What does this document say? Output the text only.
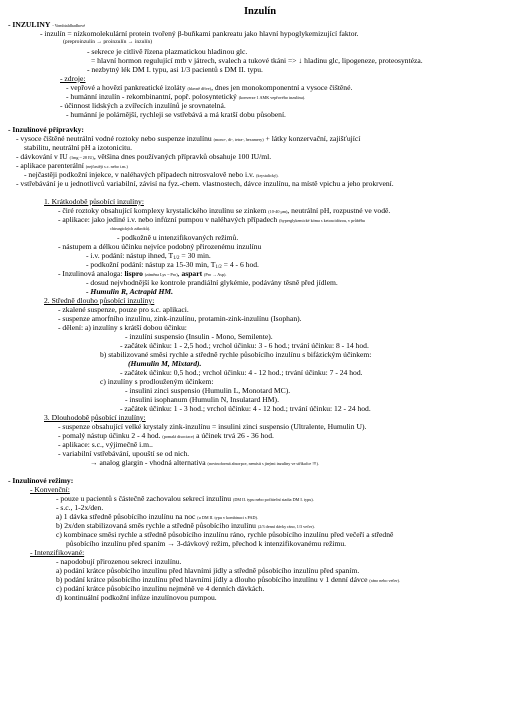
Inzulín
- INZULINY - Vombialdhadhové
- inzulín = nízkomolekulární protein tvořený β-buňkami pankreatu jako hlavní hypoglykemizující faktor.
(preproinzulín → proinzulín → inzulín)
- sekrece je citlivě řízena plazmatickou hladinou glc.
= hlavní hormon regulující mtb v játrech, svalech a tukové tkáni => ↓ hladinu glc, lipogeneze, proteosyntéza.
- nezbytný lék DM I. typu, asi 1/3 pacientů s DM II. typu.
- zdroje:
- vepřové a hovězí pankreatické izoláty (hlavně dříve), dnes jen monokomponentní a vysoce čištěné.
- humánní inzulín - rekombinantní, popř. polosyntetický (konverze 1 AMK vepřového inzulínu).
- účinnost lidských a zvířecích inzulínů je srovnatelná.
- humánní je polárnější, rychleji se vstřebává a má kratší dobu působení.
- Inzulínové přípravky:
- vysoce čištěné neutrální vodné roztoky nebo suspenze inzulínu (mono-, di-, tetra-, hexamery) + látky konzervační, zajišťující
stabilitu, neutrální pH a izotonicitu.
- dávkování v IU (1mg ~ 28 IU), většina dnes používaných přípravků obsahuje 100 IU/ml.
- aplikace parenterální (nejčastěji s.c. nebo i.m.)
- nejčastěji podkožní injekce, v naléhavých případech nitrosvalově nebo i.v. (krystalický).
- vstřebávání je u jednotlivců variabilní, závisí na fyz.-chem. vlastnostech, dávce inzulínu, na místě vpichu a jeho prokrvení.
1. Krátkodobě působící inzulíny:
- čiré roztoky obsahující komplexy krystalického inzulínu se zinkem (10-40 μm), neutrální pH, rozpustné ve vodě.
- aplikace: jako jediné i.v. nebo infúzní pumpou v naléhavých případech (hyperglykemické kóma s ketoacidózou, v průběhu
chirurgických zákroků).
- podkožně u intenzifikovaných režimů.
- nástupem a délkou účinku nejvíce podobný přirozenému inzulínu
- i.v. podání: nástup ihned, $T_{1/2} = 30$ min.
- podkožní podání: nástup za 15-30 min, $T_{1/2} = 4 - 6$ hod.
- Inzulinová analoga: lispro (záměna Lys ~ Pro), aspart (Pro → Asp).
- dosud nejvhodnější ke kontrole prandiální glykémie, podávány těsně před jídlem.
- Humulin R, Actrapid HM.
2. Středně dlouho působící inzulíny:
- zkalené suspenze, pouze pro s.c. aplikaci.
- suspenze amorfního inzulínu, zink-inzulínu, protamin-zink-inzulínu (Isophan).
- dělení: a) inzulíny s krátší dobou účinku:
- inzulíni suspensio (Insulin - Mono, Semilente).
- začátek účinku: 1 - 2,5 hod.; vrchol účinku: 3 - 6 hod.; trvání účinku: 8 - 14 hod.
b) stabilizované směsi rychle a středně rychle působícího inzulínu s bifázickým účinkem:
(Humulin M, Mixtard).
- začátek účinku: 0,5 hod.; vrchol účinku: 4 - 12 hod.; trvání účinku: 7 - 24 hod.
c) inzulíny s prodlouženým účinkem:
- insulini zinci suspensio (Humulin L, Monotard MC).
- insulini isophanum (Humulin N, Insulatard HM).
- začátek účinku: 1 - 3 hod.; vrchol účinku: 4 - 12 hod.; trvání účinku: 12 - 24 hod.
3. Dlouhodobě působící inzulíny:
- suspenze obsahující velké krystaly zink-inzulínu = insulini zinci suspensio (Ultralente, Humulin U).
- pomalý nástup účinku 2 - 4 hod. (pomalá disociace) a účinek trvá 26 - 36 hod.
- aplikace: s.c., výjimečně i.m..
- variabilní vstřebávání, upouští se od nich.
→ analog glargin - vhodná alternativa (novinoformá absorpce, nemísit s jinými inzulíny ve stříkačce !!!).
- Inzulínové režimy:
- Konvenční:
- pouze u pacientů s částečně zachovalou sekrecí inzulínu (DM II. typu nebo počáteční stadia DM I. typu).
- s.c., 1-2x/den.
a) 1 dávka středně působícího inzulínu na noc (u DM II. typu v kombinaci s PAD).
b) 2x/den stabilizovaná směs rychle a středně působícího inzulínu (2/3 denní dávky ráno, 1/3 večer).
c) kombinace směsi rychle a středně působícího inzulínu ráno, rychle působícího inzulínu před večeří a středně
působícího inzulínu před spaním → 3-dávkový režim, přechod k intenzifikovanému režimu.
- Intenzifikované:
- napodobují přirozenou sekreci inzulínu.
a) podání krátce působícího inzulínu před hlavními jídly a středně působícího inzulínu před spaním.
b) podání krátce působícího inzulínu před hlavními jídly a dlouho působícího inzulínu v 1 denní dávce (ráno nebo večer).
c) podání krátce působícího inzulínu nejméně ve 4 denních dávkách.
d) kontinuální podkožní infúze inzulínovou pumpou.
